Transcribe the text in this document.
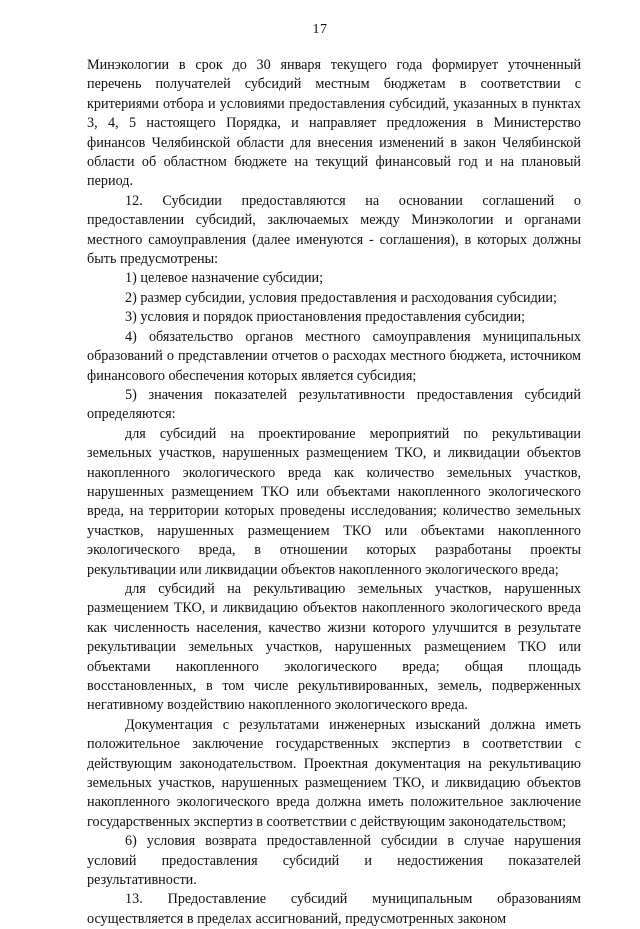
17

Минэкологии в срок до 30 января текущего года формирует уточненный перечень получателей субсидий местным бюджетам в соответствии с критериями отбора и условиями предоставления субсидий, указанных в пунктах 3, 4, 5 настоящего Порядка, и направляет предложения в Министерство финансов Челябинской области для внесения изменений в закон Челябинской области об областном бюджете на текущий финансовый год и на плановый период.

12. Субсидии предоставляются на основании соглашений о предоставлении субсидий, заключаемых между Минэкологии и органами местного самоуправления (далее именуются - соглашения), в которых должны быть предусмотрены:

1) целевое назначение субсидии;

2) размер субсидии, условия предоставления и расходования субсидии;

3) условия и порядок приостановления предоставления субсидии;

4) обязательство органов местного самоуправления муниципальных образований о представлении отчетов о расходах местного бюджета, источником финансового обеспечения которых является субсидия;

5) значения показателей результативности предоставления субсидий определяются:

для субсидий на проектирование мероприятий по рекультивации земельных участков, нарушенных размещением ТКО, и ликвидации объектов накопленного экологического вреда как количество земельных участков, нарушенных размещением ТКО или объектами накопленного экологического вреда, на территории которых проведены исследования; количество земельных участков, нарушенных размещением ТКО или объектами накопленного экологического вреда, в отношении которых разработаны проекты рекультивации или ликвидации объектов накопленного экологического вреда;

для субсидий на рекультивацию земельных участков, нарушенных размещением ТКО, и ликвидацию объектов накопленного экологического вреда как численность населения, качество жизни которого улучшится в результате рекультивации земельных участков, нарушенных размещением ТКО или объектами накопленного экологического вреда; общая площадь восстановленных, в том числе рекультивированных, земель, подверженных негативному воздействию накопленного экологического вреда.

Документация с результатами инженерных изысканий должна иметь положительное заключение государственных экспертиз в соответствии с действующим законодательством. Проектная документация на рекультивацию земельных участков, нарушенных размещением ТКО, и ликвидацию объектов накопленного экологического вреда должна иметь положительное заключение государственных экспертиз в соответствии с действующим законодательством;

6) условия возврата предоставленной субсидии в случае нарушения условий предоставления субсидий и недостижения показателей результативности.

13. Предоставление субсидий муниципальным образованиям осуществляется в пределах ассигнований, предусмотренных законом
